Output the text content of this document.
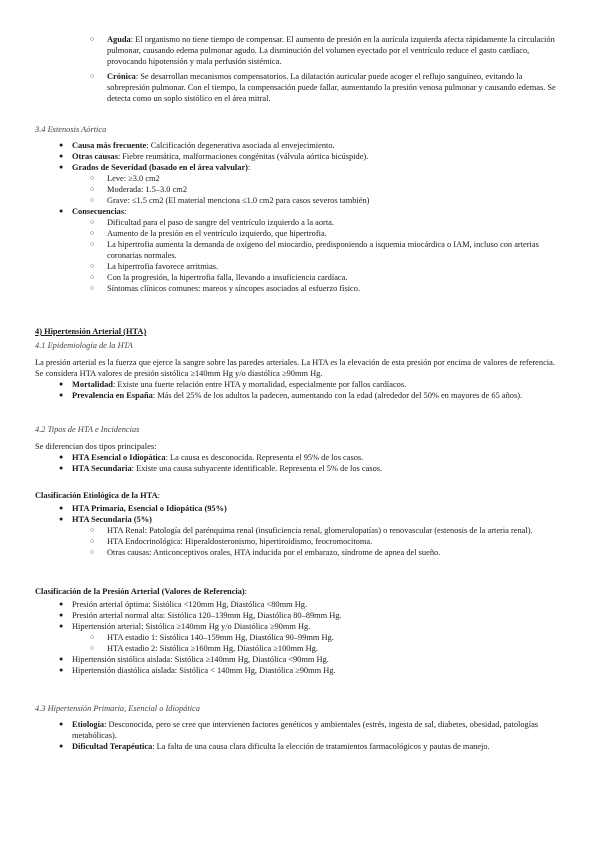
○ Aguda: El organismo no tiene tiempo de compensar. El aumento de presión en la aurícula izquierda afecta rápidamente la circulación pulmonar, causando edema pulmonar agudo. La disminución del volumen eyectado por el ventrículo reduce el gasto cardíaco, provocando hipotensión y mala perfusión sistémica.
○ Crónica: Se desarrollan mecanismos compensatorios. La dilatación auricular puede acoger el reflujo sanguíneo, evitando la sobrepresión pulmonar. Con el tiempo, la compensación puede fallar, aumentando la presión venosa pulmonar y causando edemas. Se detecta como un soplo sistólico en el área mitral.

3.4 Estenosis Aórtica

● Causa más frecuente: Calcificación degenerativa asociada al envejecimiento.
● Otras causas: Fiebre reumática, malformaciones congénitas (válvula aórtica bicúspide).
● Grados de Severidad (basado en el área valvular):
○ Leve: ≥3.0 cm2
○ Moderada: 1.5–3.0 cm2
○ Grave: ≤1.5 cm2 (El material menciona ≤1.0 cm2 para casos severos también)
● Consecuencias:
○ Dificultad para el paso de sangre del ventrículo izquierdo a la aorta.
○ Aumento de la presión en el ventrículo izquierdo, que hipertrofia.
○ La hipertrofia aumenta la demanda de oxígeno del miocardio, predisponiendo a isquemia miocárdica o IAM, incluso con arterias coronarias normales.
○ La hipertrofia favorece arritmias.
○ Con la progresión, la hipertrofia falla, llevando a insuficiencia cardíaca.
○ Síntomas clínicos comunes: mareos y síncopes asociados al esfuerzo físico.

4) Hipertensión Arterial (HTA)

4.1 Epidemiología de la HTA

La presión arterial es la fuerza que ejerce la sangre sobre las paredes arteriales. La HTA es la elevación de esta presión por encima de valores de referencia. Se considera HTA valores de presión sistólica ≥140mm Hg y/o diastólica ≥90mm Hg.

● Mortalidad: Existe una fuerte relación entre HTA y mortalidad, especialmente por fallos cardíacos.
● Prevalencia en España: Más del 25% de los adultos la padecen, aumentando con la edad (alrededor del 50% en mayores de 65 años).

4.2 Tipos de HTA e Incidencias

Se diferencian dos tipos principales:

● HTA Esencial o Idiopática: La causa es desconocida. Representa el 95% de los casos.
● HTA Secundaria: Existe una causa subyacente identificable. Representa el 5% de los casos.

Clasificación Etiológica de la HTA:

● HTA Primaria, Esencial o Idiopática (95%)
● HTA Secundaria (5%)
○ HTA Renal: Patología del parénquima renal (insuficiencia renal, glomerulopatías) o renovascular (estenosis de la arteria renal).
○ HTA Endocrinológica: Hiperaldosteronismo, hipertiroidismo, feocromocitoma.
○ Otras causas: Anticonceptivos orales, HTA inducida por el embarazo, síndrome de apnea del sueño.

Clasificación de la Presión Arterial (Valores de Referencia):

● Presión arterial óptima: Sistólica <120mm Hg, Diastólica <80mm Hg.
● Presión arterial normal alta: Sistólica 120–139mm Hg, Diastólica 80–89mm Hg.
● Hipertensión arterial: Sistólica ≥140mm Hg y/o Diastólica ≥90mm Hg.
○ HTA estadio 1: Sistólica 140–159mm Hg, Diastólica 90–99mm Hg.
○ HTA estadio 2: Sistólica ≥160mm Hg, Diastólica ≥100mm Hg.
● Hipertensión sistólica aislada: Sistólica ≥140mm Hg, Diastólica <90mm Hg.
● Hipertensión diastólica aislada: Sistólica < 140mm Hg, Diastólica ≥90mm Hg.

4.3 Hipertensión Primaria, Esencial o Idiopática

● Etiología: Desconocida, pero se cree que intervienen factores genéticos y ambientales (estrés, ingesta de sal, diabetes, obesidad, patologías metabólicas).
● Dificultad Terapéutica: La falta de una causa clara dificulta la elección de tratamientos farmacológicos y pautas de manejo.
